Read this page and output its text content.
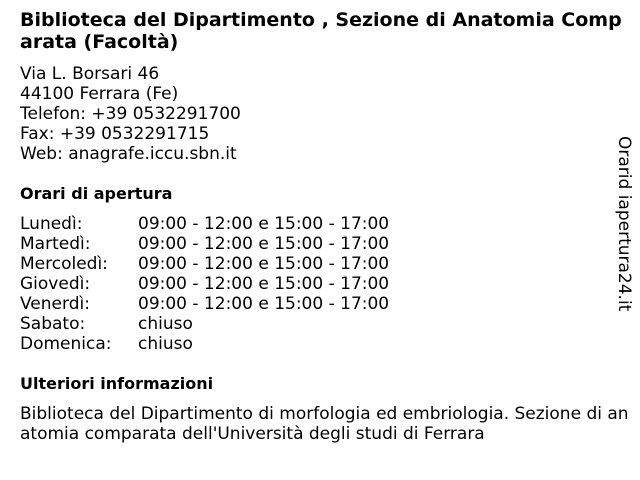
Biblioteca del Dipartimento , Sezione di Anatomia Comparata (Facoltà)
Via L. Borsari 46
44100 Ferrara (Fe)
Telefon: +39 0532291700
Fax: +39 0532291715
Web: anagrafe.iccu.sbn.it
Orari di apertura
Lunedì:	09:00 - 12:00 e 15:00 - 17:00
Martedì:	09:00 - 12:00 e 15:00 - 17:00
Mercoledì: 09:00 - 12:00 e 15:00 - 17:00
Giovedì:	09:00 - 12:00 e 15:00 - 17:00
Venerdì:	09:00 - 12:00 e 15:00 - 17:00
Sabato:	chiuso
Domenica: chiuso
Ulteriori informazioni
Biblioteca del Dipartimento di morfologia ed embriologia. Sezione di anatomia comparata dell'Università degli studi di Ferrara
Orarid iapertura24.it
